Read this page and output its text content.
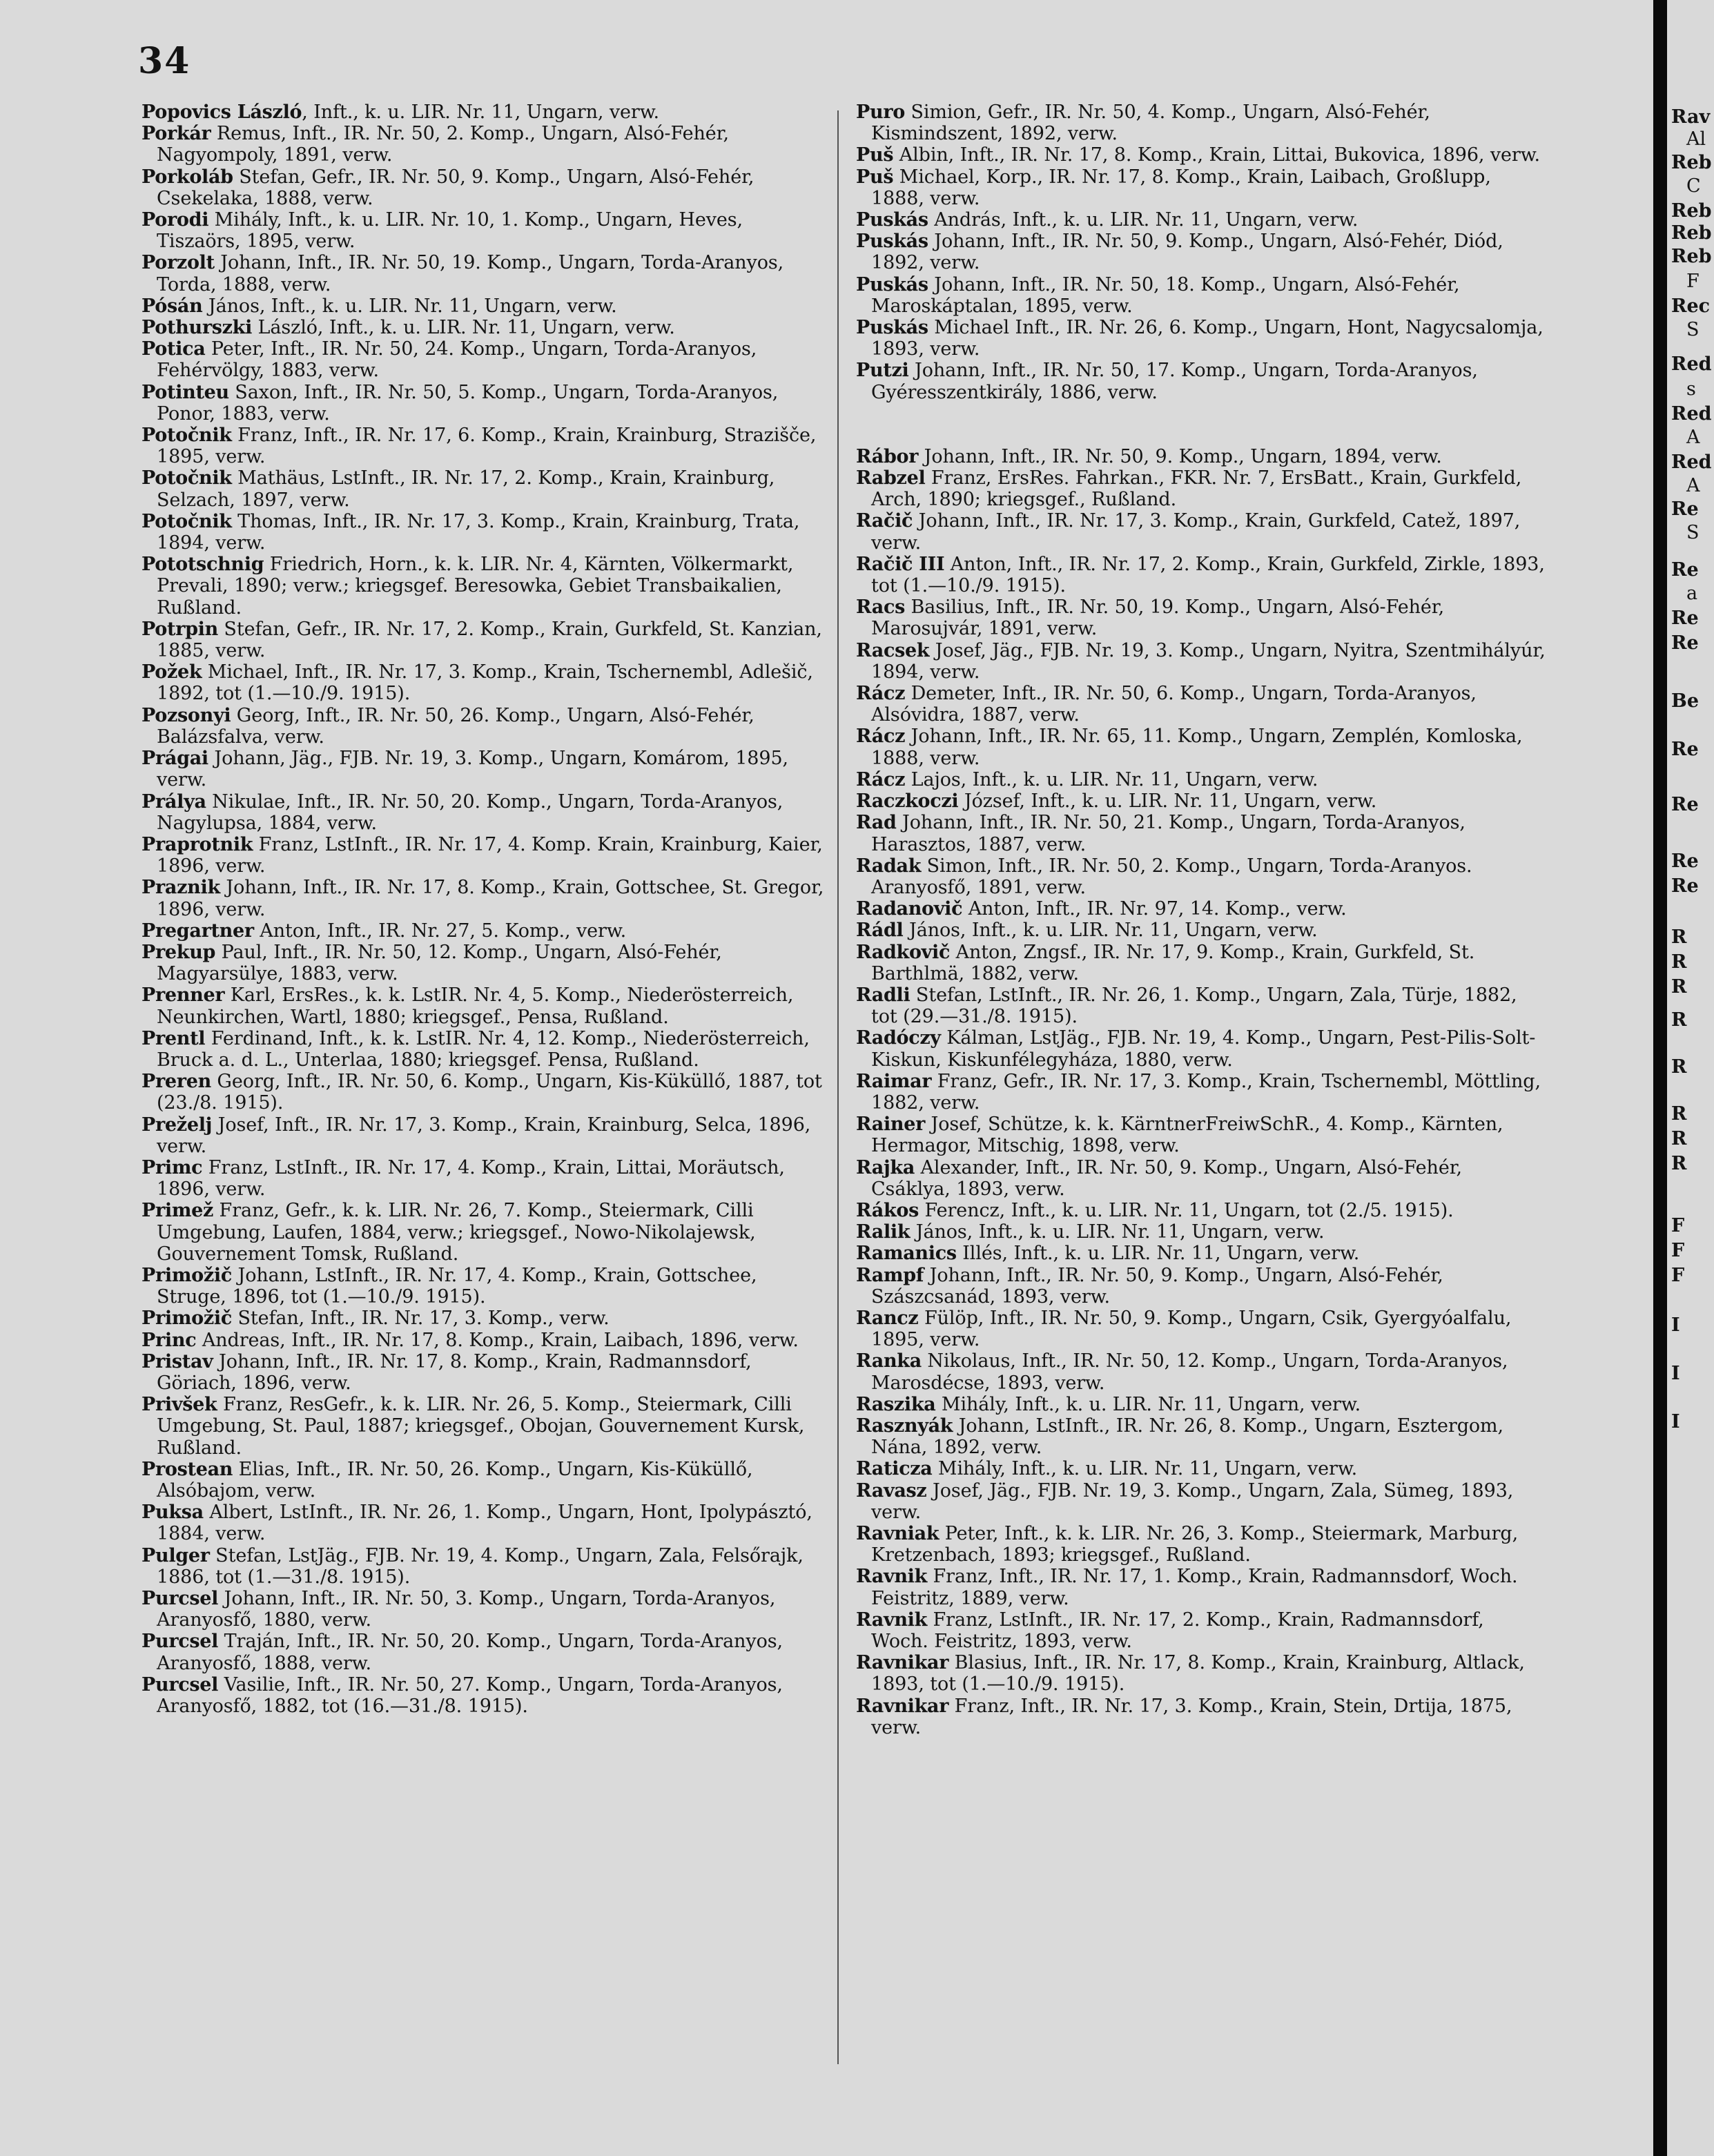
34

Popovics László, Inft., k. u. LIR. Nr. 11, Ungarn, verw.

Porkár Remus, Inft., IR. Nr. 50, 2. Komp., Ungarn, Alsó-Fehér, Nagyompoly, 1891, verw.

Porkoláb Stefan, Gefr., IR. Nr. 50, 9. Komp., Ungarn, Alsó-Fehér, Csekelaka, 1888, verw.

Porodi Mihály, Inft., k. u. LIR. Nr. 10, 1. Komp., Ungarn, Heves, Tiszaörs, 1895, verw.

Porzolt Johann, Inft., IR. Nr. 50, 19. Komp., Ungarn, Torda-Aranyos, Torda, 1888, verw.

Pósán János, Inft., k. u. LIR. Nr. 11, Ungarn, verw.

Pothurszki László, Inft., k. u. LIR. Nr. 11, Ungarn, verw.

Potica Peter, Inft., IR. Nr. 50, 24. Komp., Ungarn, Torda-Aranyos, Fehérvölgy, 1883, verw.

Potinteu Saxon, Inft., IR. Nr. 50, 5. Komp., Ungarn, Torda-Aranyos, Ponor, 1883, verw.

Potočnik Franz, Inft., IR. Nr. 17, 6. Komp., Krain, Krainburg, Strazišče, 1895, verw.

Potočnik Mathäus, LstInft., IR. Nr. 17, 2. Komp., Krain, Krainburg, Selzach, 1897, verw.

Potočnik Thomas, Inft., IR. Nr. 17, 3. Komp., Krain, Krainburg, Trata, 1894, verw.

Pototschnig Friedrich, Horn., k. k. LIR. Nr. 4, Kärnten, Völkermarkt, Prevali, 1890; verw.; kriegsgef. Beresowka, Gebiet Transbaikalien, Rußland.

Potrpin Stefan, Gefr., IR. Nr. 17, 2. Komp., Krain, Gurkfeld, St. Kanzian, 1885, verw.

Požek Michael, Inft., IR. Nr. 17, 3. Komp., Krain, Tschernembl, Adlešič, 1892, tot (1.—10./9. 1915).

Pozsonyi Georg, Inft., IR. Nr. 50, 26. Komp., Ungarn, Alsó-Fehér, Balázsfalva, verw.

Prágai Johann, Jäg., FJB. Nr. 19, 3. Komp., Ungarn, Komárom, 1895, verw.

Prálya Nikulae, Inft., IR. Nr. 50, 20. Komp., Ungarn, Torda-Aranyos, Nagylupsa, 1884, verw.

Praprotnik Franz, LstInft., IR. Nr. 17, 4. Komp. Krain, Krainburg, Kaier, 1896, verw.

Praznik Johann, Inft., IR. Nr. 17, 8. Komp., Krain, Gottschee, St. Gregor, 1896, verw.

Pregartner Anton, Inft., IR. Nr. 27, 5. Komp., verw.

Prekup Paul, Inft., IR. Nr. 50, 12. Komp., Ungarn, Alsó-Fehér, Magyarsülye, 1883, verw.

Prenner Karl, ErsRes., k. k. LstIR. Nr. 4, 5. Komp., Niederösterreich, Neunkirchen, Wartl, 1880; kriegsgef., Pensa, Rußland.

Prentl Ferdinand, Inft., k. k. LstIR. Nr. 4, 12. Komp., Niederösterreich, Bruck a. d. L., Unterlaa, 1880; kriegsgef. Pensa, Rußland.

Preren Georg, Inft., IR. Nr. 50, 6. Komp., Ungarn, Kis-Küküllő, 1887, tot (23./8. 1915).

Preželj Josef, Inft., IR. Nr. 17, 3. Komp., Krain, Krainburg, Selca, 1896, verw.

Primc Franz, LstInft., IR. Nr. 17, 4. Komp., Krain, Littai, Moräutsch, 1896, verw.

Primež Franz, Gefr., k. k. LIR. Nr. 26, 7. Komp., Steiermark, Cilli Umgebung, Laufen, 1884, verw.; kriegsgef., Nowo-Nikolajewsk, Gouvernement Tomsk, Rußland.

Primožič Johann, LstInft., IR. Nr. 17, 4. Komp., Krain, Gottschee, Struge, 1896, tot (1.—10./9. 1915).

Primožič Stefan, Inft., IR. Nr. 17, 3. Komp., verw.

Princ Andreas, Inft., IR. Nr. 17, 8. Komp., Krain, Laibach, 1896, verw.

Pristav Johann, Inft., IR. Nr. 17, 8. Komp., Krain, Radmannsdorf, Göriach, 1896, verw.

Privšek Franz, ResGefr., k. k. LIR. Nr. 26, 5. Komp., Steiermark, Cilli Umgebung, St. Paul, 1887; kriegsgef., Obojan, Gouvernement Kursk, Rußland.

Prostean Elias, Inft., IR. Nr. 50, 26. Komp., Ungarn, Kis-Küküllő, Alsóbajom, verw.

Puksa Albert, LstInft., IR. Nr. 26, 1. Komp., Ungarn, Hont, Ipolypásztó, 1884, verw.

Pulger Stefan, LstJäg., FJB. Nr. 19, 4. Komp., Ungarn, Zala, Felsőrajk, 1886, tot (1.—31./8. 1915).

Purcsel Johann, Inft., IR. Nr. 50, 3. Komp., Ungarn, Torda-Aranyos, Aranyosfő, 1880, verw.

Purcsel Traján, Inft., IR. Nr. 50, 20. Komp., Ungarn, Torda-Aranyos, Aranyosfő, 1888, verw.

Purcsel Vasilie, Inft., IR. Nr. 50, 27. Komp., Ungarn, Torda-Aranyos, Aranyosfő, 1882, tot (16.—31./8. 1915).

Puro Simion, Gefr., IR. Nr. 50, 4. Komp., Ungarn, Alsó-Fehér, Kismindszent, 1892, verw.

Puš Albin, Inft., IR. Nr. 17, 8. Komp., Krain, Littai, Bukovica, 1896, verw.

Puš Michael, Korp., IR. Nr. 17, 8. Komp., Krain, Laibach, Großlupp, 1888, verw.

Puskás András, Inft., k. u. LIR. Nr. 11, Ungarn, verw.

Puskás Johann, Inft., IR. Nr. 50, 9. Komp., Ungarn, Alsó-Fehér, Diód, 1892, verw.

Puskás Johann, Inft., IR. Nr. 50, 18. Komp., Ungarn, Alsó-Fehér, Maroskáptalan, 1895, verw.

Puskás Michael Inft., IR. Nr. 26, 6. Komp., Ungarn, Hont, Nagycsalomja, 1893, verw.

Putzi Johann, Inft., IR. Nr. 50, 17. Komp., Ungarn, Torda-Aranyos, Gyéresszentkirály, 1886, verw.

Rábor Johann, Inft., IR. Nr. 50, 9. Komp., Ungarn, 1894, verw.

Rabzel Franz, ErsRes. Fahrkan., FKR. Nr. 7, ErsBatt., Krain, Gurkfeld, Arch, 1890; kriegsgef., Rußland.

Račič Johann, Inft., IR. Nr. 17, 3. Komp., Krain, Gurkfeld, Catež, 1897, verw.

Račič III Anton, Inft., IR. Nr. 17, 2. Komp., Krain, Gurkfeld, Zirkle, 1893, tot (1.—10./9. 1915).

Racs Basilius, Inft., IR. Nr. 50, 19. Komp., Ungarn, Alsó-Fehér, Marosujvár, 1891, verw.

Racsek Josef, Jäg., FJB. Nr. 19, 3. Komp., Ungarn, Nyitra, Szentmihályúr, 1894, verw.

Rácz Demeter, Inft., IR. Nr. 50, 6. Komp., Ungarn, Torda-Aranyos, Alsóvidra, 1887, verw.

Rácz Johann, Inft., IR. Nr. 65, 11. Komp., Ungarn, Zemplén, Komloska, 1888, verw.

Rácz Lajos, Inft., k. u. LIR. Nr. 11, Ungarn, verw.

Raczkoczi József, Inft., k. u. LIR. Nr. 11, Ungarn, verw.

Rad Johann, Inft., IR. Nr. 50, 21. Komp., Ungarn, Torda-Aranyos, Harasztos, 1887, verw.

Radak Simon, Inft., IR. Nr. 50, 2. Komp., Ungarn, Torda-Aranyos. Aranyosfő, 1891, verw.

Radanovič Anton, Inft., IR. Nr. 97, 14. Komp., verw.

Rádl János, Inft., k. u. LIR. Nr. 11, Ungarn, verw.

Radkovič Anton, Zngsf., IR. Nr. 17, 9. Komp., Krain, Gurkfeld, St. Barthlmä, 1882, verw.

Radli Stefan, LstInft., IR. Nr. 26, 1. Komp., Ungarn, Zala, Türje, 1882, tot (29.—31./8. 1915).

Radóczy Kálman, LstJäg., FJB. Nr. 19, 4. Komp., Ungarn, Pest-Pilis-Solt-Kiskun, Kiskunfélegyháza, 1880, verw.

Raimar Franz, Gefr., IR. Nr. 17, 3. Komp., Krain, Tschernembl, Möttling, 1882, verw.

Rainer Josef, Schütze, k. k. KärntnerFreiwSchR., 4. Komp., Kärnten, Hermagor, Mitschig, 1898, verw.

Rajka Alexander, Inft., IR. Nr. 50, 9. Komp., Ungarn, Alsó-Fehér, Csáklya, 1893, verw.

Rákos Ferencz, Inft., k. u. LIR. Nr. 11, Ungarn, tot (2./5. 1915).

Ralik János, Inft., k. u. LIR. Nr. 11, Ungarn, verw.

Ramanics Illés, Inft., k. u. LIR. Nr. 11, Ungarn, verw.

Rampf Johann, Inft., IR. Nr. 50, 9. Komp., Ungarn, Alsó-Fehér, Szászcsanád, 1893, verw.

Rancz Fülöp, Inft., IR. Nr. 50, 9. Komp., Ungarn, Csik, Gyergyóalfalu, 1895, verw.

Ranka Nikolaus, Inft., IR. Nr. 50, 12. Komp., Ungarn, Torda-Aranyos, Marosdécse, 1893, verw.

Raszika Mihály, Inft., k. u. LIR. Nr. 11, Ungarn, verw.

Rasznyák Johann, LstInft., IR. Nr. 26, 8. Komp., Ungarn, Esztergom, Nána, 1892, verw.

Raticza Mihály, Inft., k. u. LIR. Nr. 11, Ungarn, verw.

Ravasz Josef, Jäg., FJB. Nr. 19, 3. Komp., Ungarn, Zala, Sümeg, 1893, verw.

Ravniak Peter, Inft., k. k. LIR. Nr. 26, 3. Komp., Steiermark, Marburg, Kretzenbach, 1893; kriegsgef., Rußland.

Ravnik Franz, Inft., IR. Nr. 17, 1. Komp., Krain, Radmannsdorf, Woch. Feistritz, 1889, verw.

Ravnik Franz, LstInft., IR. Nr. 17, 2. Komp., Krain, Radmannsdorf, Woch. Feistritz, 1893, verw.

Ravnikar Blasius, Inft., IR. Nr. 17, 8. Komp., Krain, Krainburg, Altlack, 1893, tot (1.—10./9. 1915).

Ravnikar Franz, Inft., IR. Nr. 17, 3. Komp., Krain, Stein, Drtija, 1875, verw.

Rav
Al
Reb
C
Reb
Reb
Reb
F
Rec
S
Red
s
Red
A
Red
A
Re
S
Re
a
Re
Re
Be
Re
Re
Re
Re
R
R
R
R
R
R
R
R
F
F
F
I
I
I
